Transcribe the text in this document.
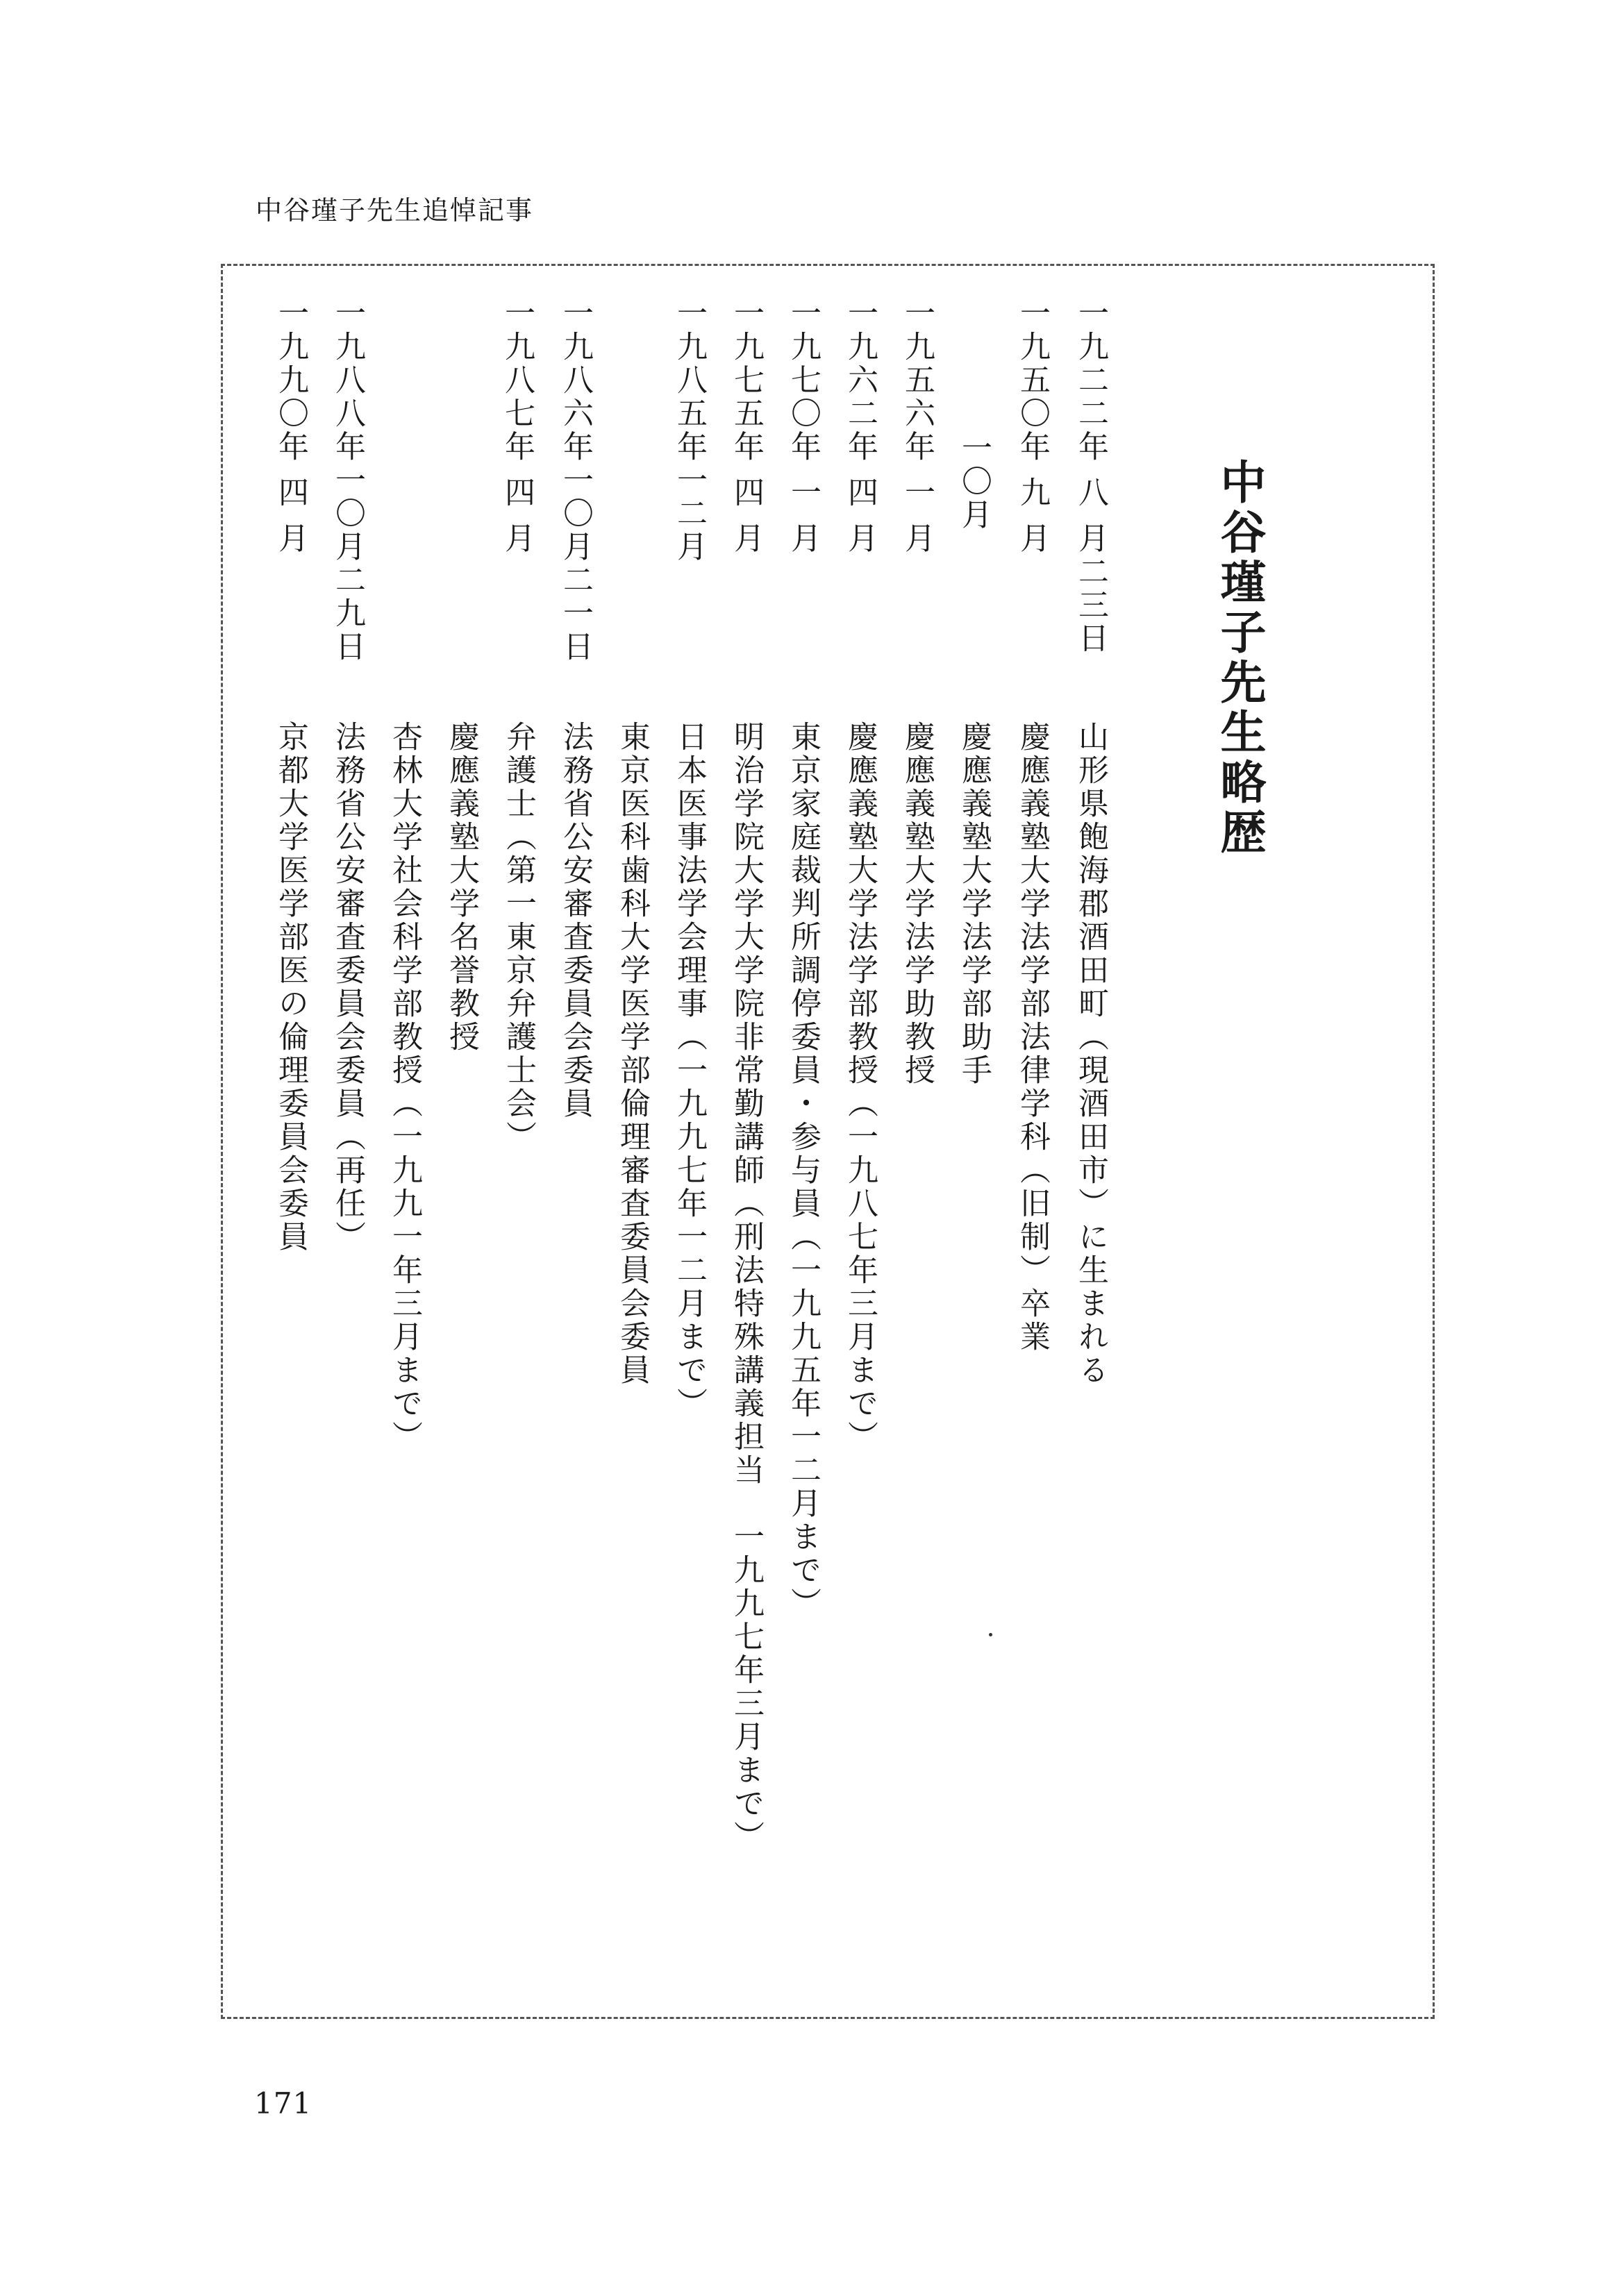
中谷瑾子先生追悼記事
中谷瑾子先生略歴
一九二二年 八 月二三日
山形県飽海郡酒田町（現酒田市）に生まれる
一九五〇年 九 月
慶應義塾大学法学部法律学科（旧制）卒業
一〇月
慶應義塾大学法学部助手
一九五六年 一 月
慶應義塾大学法学助教授
一九六二年 四 月
慶應義塾大学法学部教授（一九八七年三月まで）
一九七〇年 一 月
東京家庭裁判所調停委員・参与員（一九九五年一二月まで）
一九七五年 四 月
明治学院大学大学院非常勤講師（刑法特殊講義担当　一九九七年三月まで）
一九八五年一二月
日本医事法学会理事（一九九七年一二月まで）
東京医科歯科大学医学部倫理審査委員会委員
一九八六年一〇月二一日
法務省公安審査委員会委員
弁護士（第一東京弁護士会）
一九八七年 四 月
慶應義塾大学名誉教授
杏林大学社会科学部教授（一九九一年三月まで）
一九八八年一〇月二九日
法務省公安審査委員会委員（再任）
一九九〇年 四 月
京都大学医学部医の倫理委員会委員
171
